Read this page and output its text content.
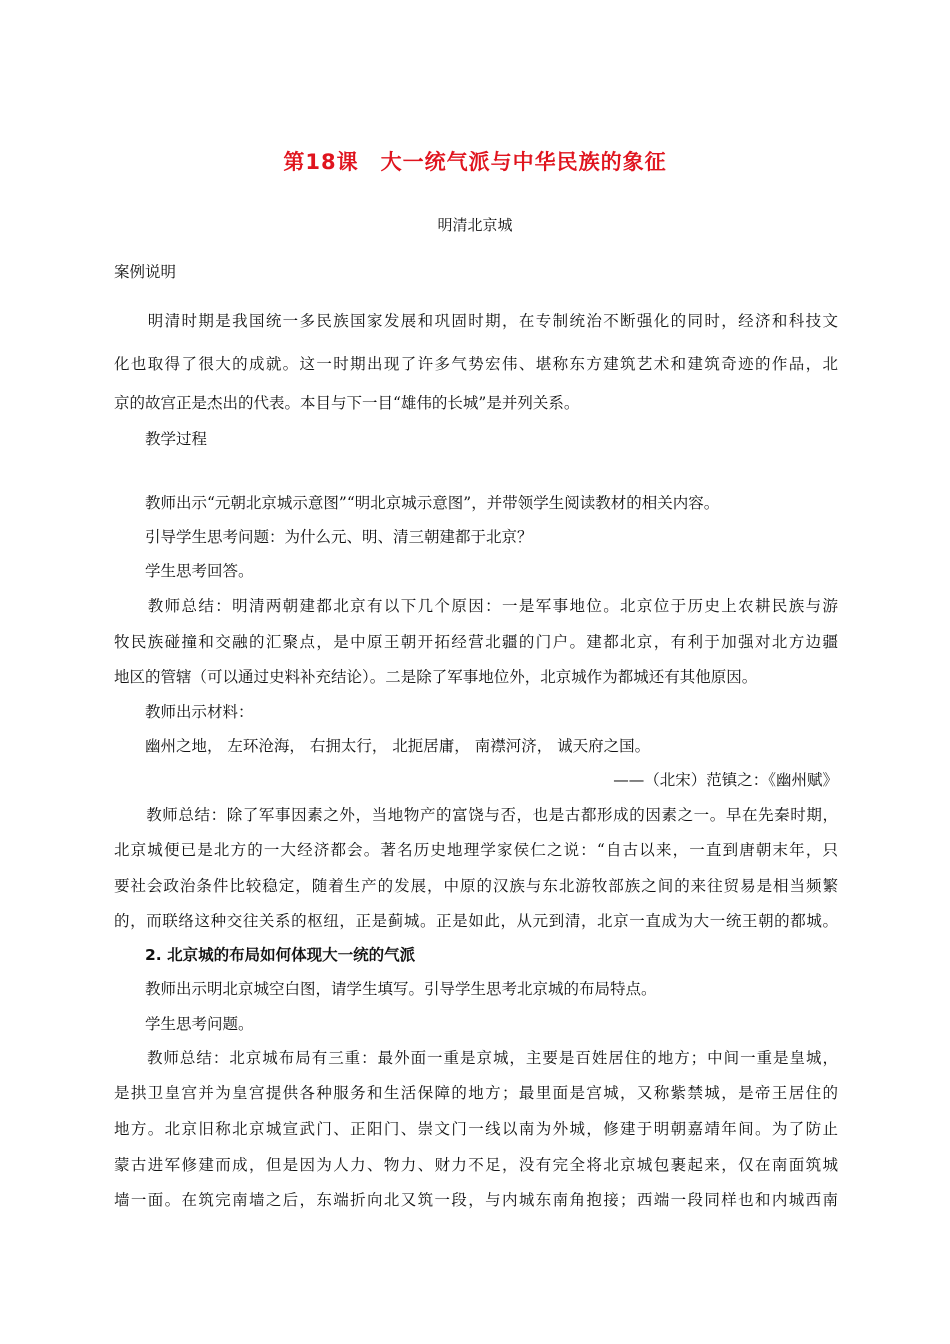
第18课　大一统气派与中华民族的象征
明清北京城
案例说明
　　明清时期是我国统一多民族国家发展和巩固时期，在专制统治不断强化的同时，经济和科技文
化也取得了很大的成就。这一时期出现了许多气势宏伟、堪称东方建筑艺术和建筑奇迹的作品，北
京的故宫正是杰出的代表。本目与下一目“雄伟的长城”是并列关系。
　　教学过程
　　教师出示“元朝北京城示意图”“明北京城示意图”，并带领学生阅读教材的相关内容。
　　引导学生思考问题：为什么元、明、清三朝建都于北京？
　　学生思考回答。
　　教师总结：明清两朝建都北京有以下几个原因：一是军事地位。北京位于历史上农耕民族与游
牧民族碰撞和交融的汇聚点，是中原王朝开拓经营北疆的门户。建都北京，有利于加强对北方边疆
地区的管辖（可以通过史料补充结论）。二是除了军事地位外，北京城作为都城还有其他原因。
　　教师出示材料：
　　幽州之地， 左环沧海， 右拥太行， 北扼居庸， 南襟河济， 诚天府之国。
——（北宋）范镇之：《幽州赋》
　　教师总结：除了军事因素之外，当地物产的富饶与否，也是古都形成的因素之一。早在先秦时期，
北京城便已是北方的一大经济都会。著名历史地理学家侯仁之说：“自古以来，一直到唐朝末年，只
要社会政治条件比较稳定，随着生产的发展，中原的汉族与东北游牧部族之间的来往贸易是相当频繁
的，而联络这种交往关系的枢纽，正是蓟城。正是如此，从元到清，北京一直成为大一统王朝的都城。
　　2. 北京城的布局如何体现大一统的气派
　　教师出示明北京城空白图，请学生填写。引导学生思考北京城的布局特点。
　　学生思考问题。
　　教师总结：北京城布局有三重：最外面一重是京城，主要是百姓居住的地方；中间一重是皇城，
是拱卫皇宫并为皇宫提供各种服务和生活保障的地方；最里面是宫城，又称紫禁城，是帝王居住的
地方。北京旧称北京城宣武门、正阳门、崇文门一线以南为外城，修建于明朝嘉靖年间。为了防止
蒙古进军修建而成，但是因为人力、物力、财力不足，没有完全将北京城包裹起来，仅在南面筑城
墙一面。在筑完南墙之后，东端折向北又筑一段，与内城东南角抱接；西端一段同样也和内城西南
